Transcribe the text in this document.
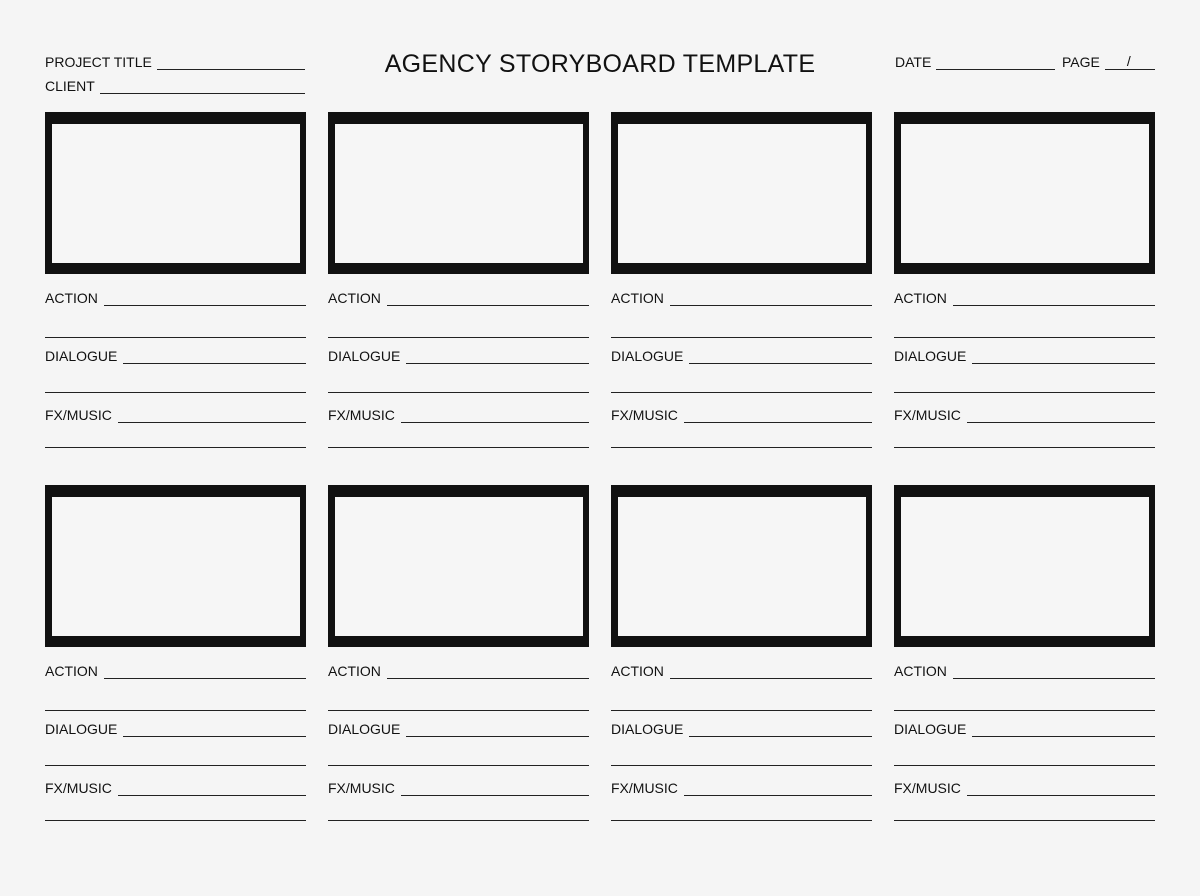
PROJECT TITLE
CLIENT
AGENCY STORYBOARD TEMPLATE	DATE	PAGE /
ACTION
DIALOGUE
FX/MUSIC
ACTION
DIALOGUE
FX/MUSIC
ACTION
DIALOGUE
FX/MUSIC
ACTION
DIALOGUE
FX/MUSIC
ACTION
DIALOGUE
FX/MUSIC
ACTION
DIALOGUE
FX/MUSIC
ACTION
DIALOGUE
FX/MUSIC
ACTION
DIALOGUE
FX/MUSIC
